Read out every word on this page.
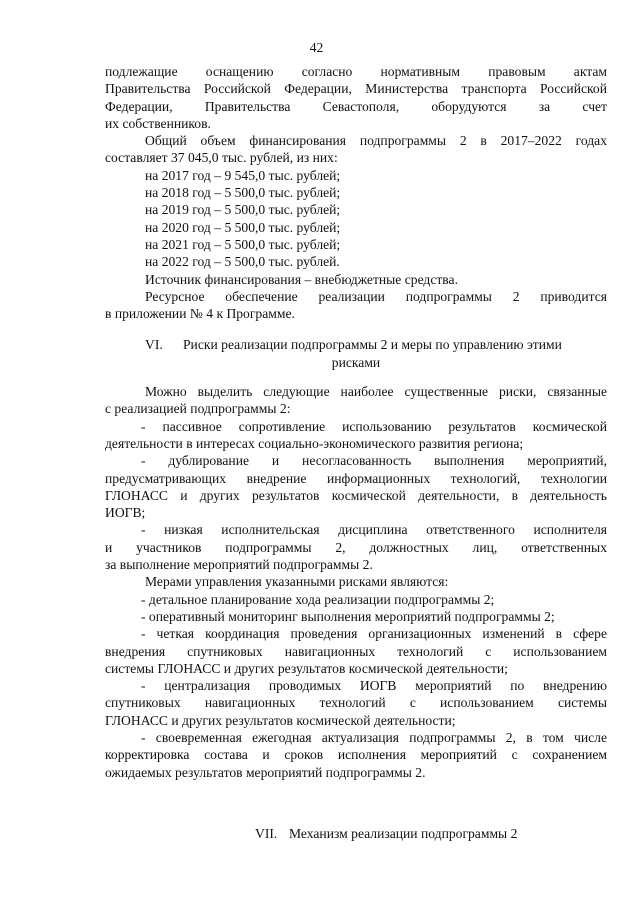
42
подлежащие оснащению согласно нормативным правовым актам
Правительства Российской Федерации, Министерства транспорта Российской
Федерации, Правительства Севастополя, оборудуются за счет
их собственников.
Общий объем финансирования подпрограммы 2 в 2017–2022 годах
составляет 37 045,0 тыс. рублей, из них:
на 2017 год – 9 545,0 тыс. рублей;
на 2018 год – 5 500,0 тыс. рублей;
на 2019 год – 5 500,0 тыс. рублей;
на 2020 год – 5 500,0 тыс. рублей;
на 2021 год – 5 500,0 тыс. рублей;
на 2022 год – 5 500,0 тыс. рублей.
Источник финансирования – внебюджетные средства.
Ресурсное обеспечение реализации подпрограммы 2 приводится
в приложении № 4 к Программе.
VI. Риски реализации подпрограммы 2 и меры по управлению этими
рисками
Можно выделить следующие наиболее существенные риски, связанные
с реализацией подпрограммы 2:
- пассивное сопротивление использованию результатов космической
деятельности в интересах социально-экономического развития региона;
- дублирование и несогласованность выполнения мероприятий,
предусматривающих внедрение информационных технологий, технологии
ГЛОНАСС и других результатов космической деятельности, в деятельность
ИОГВ;
- низкая исполнительская дисциплина ответственного исполнителя
и участников подпрограммы 2, должностных лиц, ответственных
за выполнение мероприятий подпрограммы 2.
Мерами управления указанными рисками являются:
- детальное планирование хода реализации подпрограммы 2;
- оперативный мониторинг выполнения мероприятий подпрограммы 2;
- четкая координация проведения организационных изменений в сфере
внедрения спутниковых навигационных технологий с использованием
системы ГЛОНАСС и других результатов космической деятельности;
- централизация проводимых ИОГВ мероприятий по внедрению
спутниковых навигационных технологий с использованием системы
ГЛОНАСС и других результатов космической деятельности;
- своевременная ежегодная актуализация подпрограммы 2, в том числе
корректировка состава и сроков исполнения мероприятий с сохранением
ожидаемых результатов мероприятий подпрограммы 2.
VII. Механизм реализации подпрограммы 2
